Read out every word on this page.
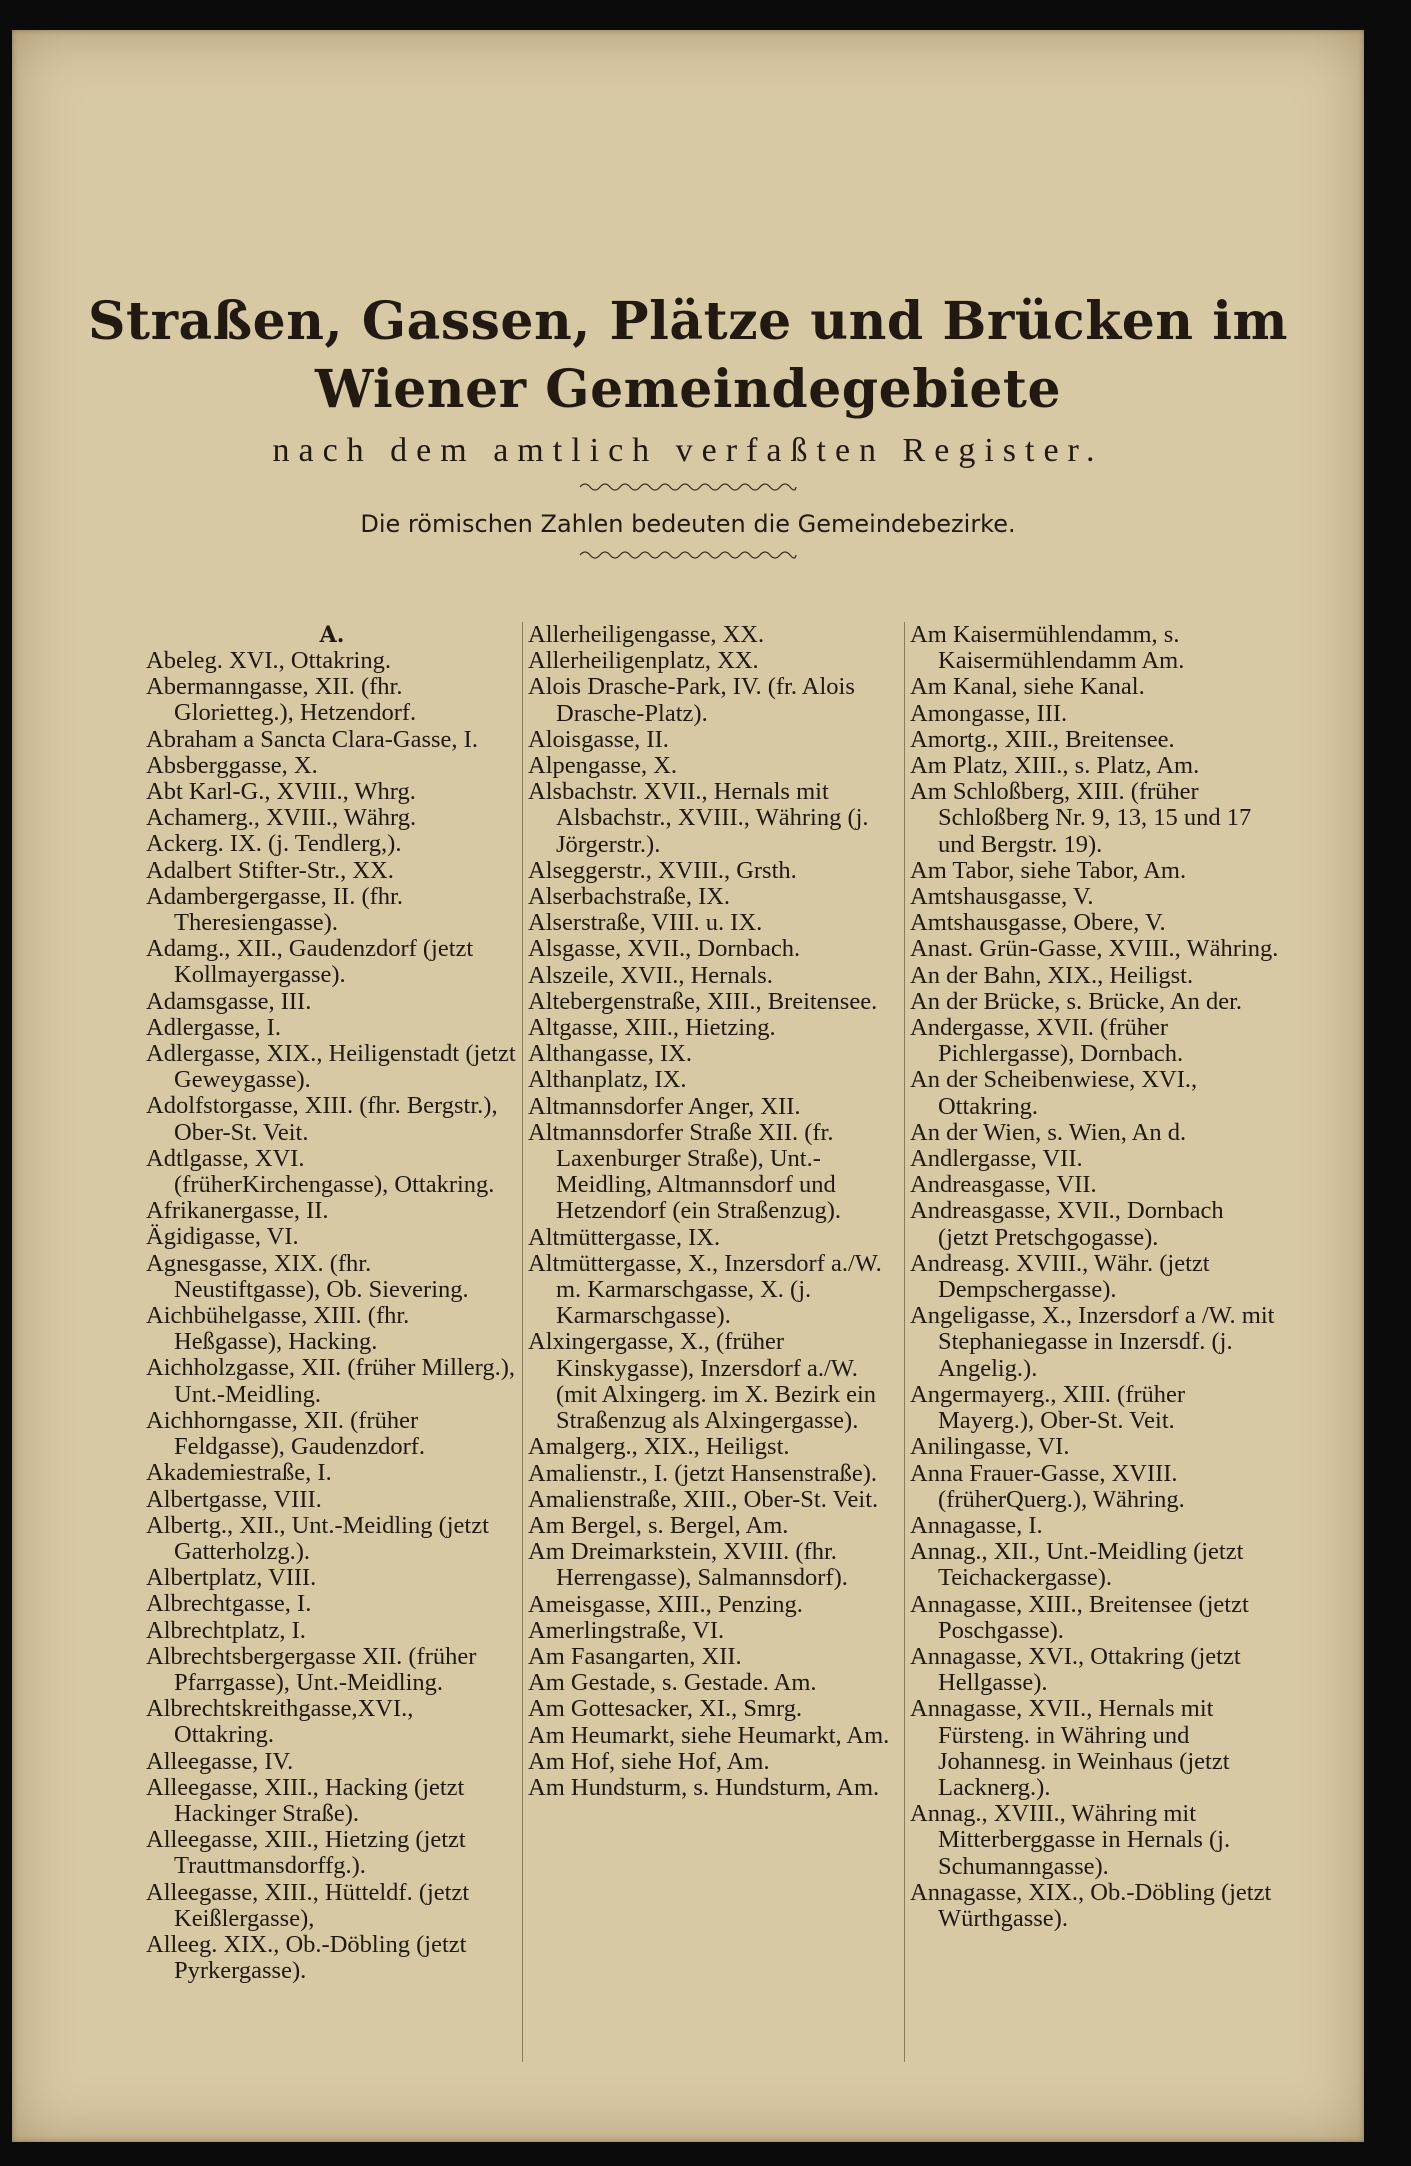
Straßen, Gassen, Plätze und Brücken im
Wiener Gemeindegebiete
nach dem amtlich verfaßten Register.
Die römischen Zahlen bedeuten die Gemeindebezirke.
A.
Abeleg. XVI., Ottakring.
Abermanngasse, XII. (fhr. Glorietteg.), Hetzendorf.
Abraham a Sancta Clara-Gasse, I.
Absberggasse, X.
Abt Karl-G., XVIII., Whrg.
Achamerg., XVIII., Währg.
Ackerg. IX. (j. Tendlerg,).
Adalbert Stifter-Str., XX.
Adambergergasse, II. (fhr. Theresiengasse).
Adamg., XII., Gaudenzdorf (jetzt Kollmayergasse).
Adamsgasse, III.
Adlergasse, I.
Adlergasse, XIX., Heiligenstadt (jetzt Geweygasse).
Adolfstorgasse, XIII. (fhr. Bergstr.), Ober-St. Veit.
Adtlgasse, XVI. (früherKirchengasse), Ottakring.
Afrikanergasse, II.
Ägidigasse, VI.
Agnesgasse, XIX. (fhr. Neustiftgasse), Ob. Sievering.
Aichbühelgasse, XIII. (fhr. Heßgasse), Hacking.
Aichholzgasse, XII. (früher Millerg.), Unt.-Meidling.
Aichhorngasse, XII. (früher Feldgasse), Gaudenzdorf.
Akademiestraße, I.
Albertgasse, VIII.
Albertg., XII., Unt.-Meidling (jetzt Gatterholzg.).
Albertplatz, VIII.
Albrechtgasse, I.
Albrechtplatz, I.
Albrechtsbergergasse XII. (früher Pfarrgasse), Unt.-Meidling.
Albrechtskreithgasse,XVI., Ottakring.
Alleegasse, IV.
Alleegasse, XIII., Hacking (jetzt Hackinger Straße).
Alleegasse, XIII., Hietzing (jetzt Trauttmansdorffg.).
Alleegasse, XIII., Hütteldf. (jetzt Keißlergasse),
Alleeg. XIX., Ob.-Döbling (jetzt Pyrkergasse).
Allerheiligengasse, XX.
Allerheiligenplatz, XX.
Alois Drasche-Park, IV. (fr. Alois Drasche-Platz).
Aloisgasse, II.
Alpengasse, X.
Alsbachstr. XVII., Hernals mit Alsbachstr., XVIII., Währing (j. Jörgerstr.).
Alseggerstr., XVIII., Grsth.
Alserbachstraße, IX.
Alserstraße, VIII. u. IX.
Alsgasse, XVII., Dornbach.
Alszeile, XVII., Hernals.
Altebergenstraße, XIII., Breitensee.
Altgasse, XIII., Hietzing.
Althangasse, IX.
Althanplatz, IX.
Altmannsdorfer Anger, XII.
Altmannsdorfer Straße XII. (fr. Laxenburger Straße), Unt.-Meidling, Altmannsdorf und Hetzendorf (ein Straßenzug).
Altmüttergasse, IX.
Altmüttergasse, X., Inzersdorf a./W. m. Karmarschgasse, X. (j. Karmarschgasse).
Alxingergasse, X., (früher Kinskygasse), Inzersdorf a./W. (mit Alxingerg. im X. Bezirk ein Straßenzug als Alxingergasse).
Amalgerg., XIX., Heiligst.
Amalienstr., I. (jetzt Hansenstraße).
Amalienstraße, XIII., Ober-St. Veit.
Am Bergel, s. Bergel, Am.
Am Dreimarkstein, XVIII. (fhr. Herrengasse), Salmannsdorf).
Ameisgasse, XIII., Penzing.
Amerlingstraße, VI.
Am Fasangarten, XII.
Am Gestade, s. Gestade. Am.
Am Gottesacker, XI., Smrg.
Am Heumarkt, siehe Heumarkt, Am.
Am Hof, siehe Hof, Am.
Am Hundsturm, s. Hundsturm, Am.
Am Kaisermühlendamm, s. Kaisermühlendamm Am.
Am Kanal, siehe Kanal.
Amongasse, III.
Amortg., XIII., Breitensee.
Am Platz, XIII., s. Platz, Am.
Am Schloßberg, XIII. (früher Schloßberg Nr. 9, 13, 15 und 17 und Bergstr. 19).
Am Tabor, siehe Tabor, Am.
Amtshausgasse, V.
Amtshausgasse, Obere, V.
Anast. Grün-Gasse, XVIII., Währing.
An der Bahn, XIX., Heiligst.
An der Brücke, s. Brücke, An der.
Andergasse, XVII. (früher Pichlergasse), Dornbach.
An der Scheibenwiese, XVI., Ottakring.
An der Wien, s. Wien, An d.
Andlergasse, VII.
Andreasgasse, VII.
Andreasgasse, XVII., Dornbach (jetzt Pretschgogasse).
Andreasg. XVIII., Währ. (jetzt Dempschergasse).
Angeligasse, X., Inzersdorf a /W. mit Stephaniegasse in Inzersdf. (j. Angelig.).
Angermayerg., XIII. (früher Mayerg.), Ober-St. Veit.
Anilingasse, VI.
Anna Frauer-Gasse, XVIII. (früherQuerg.), Währing.
Annagasse, I.
Annag., XII., Unt.-Meidling (jetzt Teichackergasse).
Annagasse, XIII., Breitensee (jetzt Poschgasse).
Annagasse, XVI., Ottakring (jetzt Hellgasse).
Annagasse, XVII., Hernals mit Fürsteng. in Währing und Johannesg. in Weinhaus (jetzt Lacknerg.).
Annag., XVIII., Währing mit Mitterberggasse in Hernals (j. Schumanngasse).
Annagasse, XIX., Ob.-Döbling (jetzt Würthgasse).
